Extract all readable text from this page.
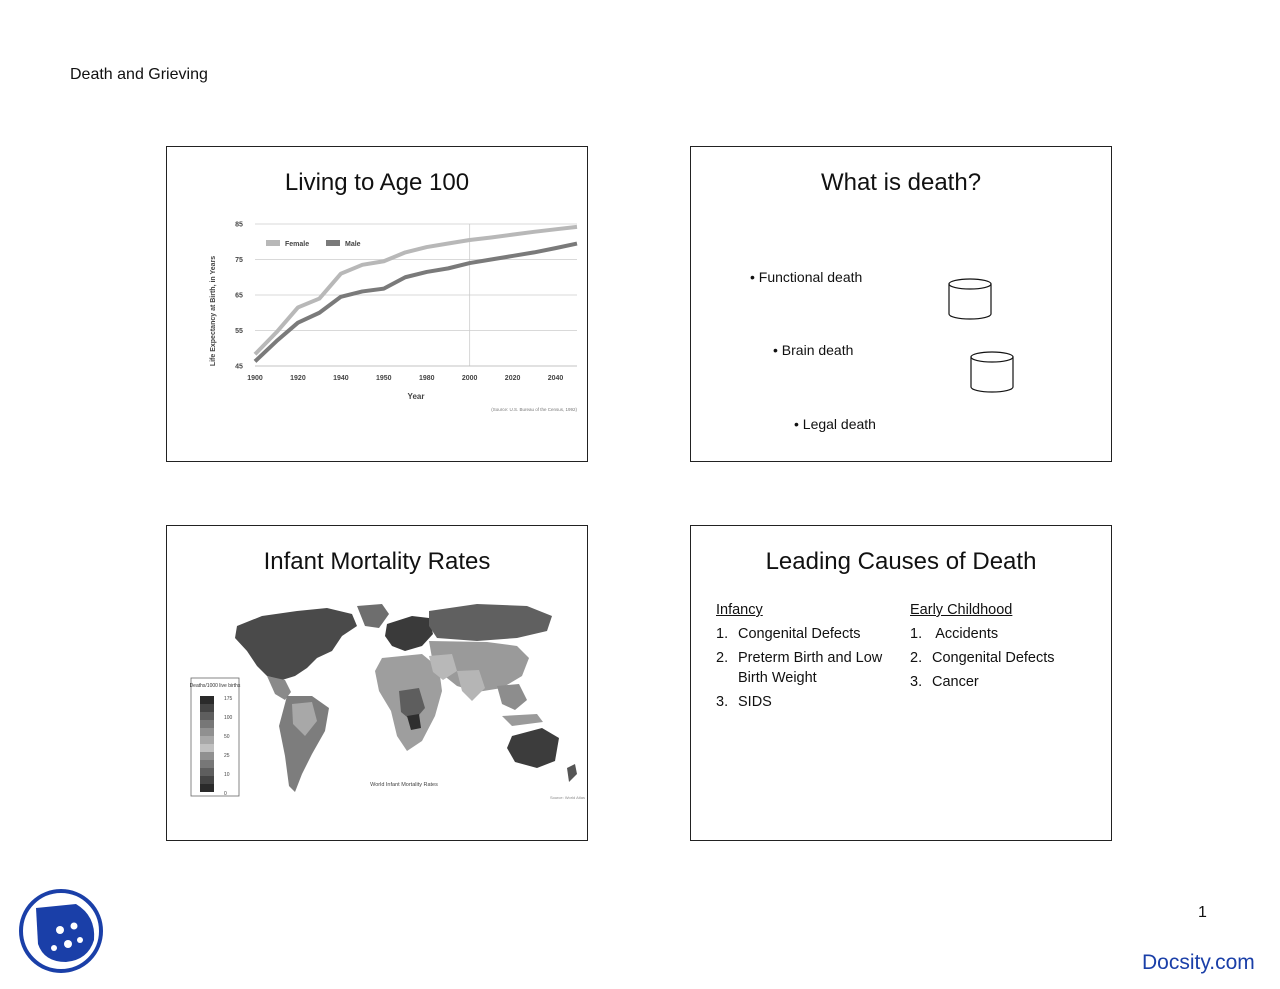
Death and Grieving
Living to Age 100
45
55
65
75
85
1900	1920	1940	1950	1980	2000	2020	2040
Female	Male
Year
Life Expectancy at Birth, in Years
(Source: U.S. Bureau of the Census, 1992)
What is death?
• Functional death
• Brain death
• Legal death
Infant Mortality Rates
Deaths/1000 live births
175
100
50
25
10
0
World Infant Mortality Rates
Source: World Atlas
Leading Causes of Death
Infancy
1. Congenital Defects
2. Preterm Birth and Low Birth Weight
3. SIDS
Early Childhood
1. Accidents
2. Congenital Defects
3. Cancer
1
Docsity.com
